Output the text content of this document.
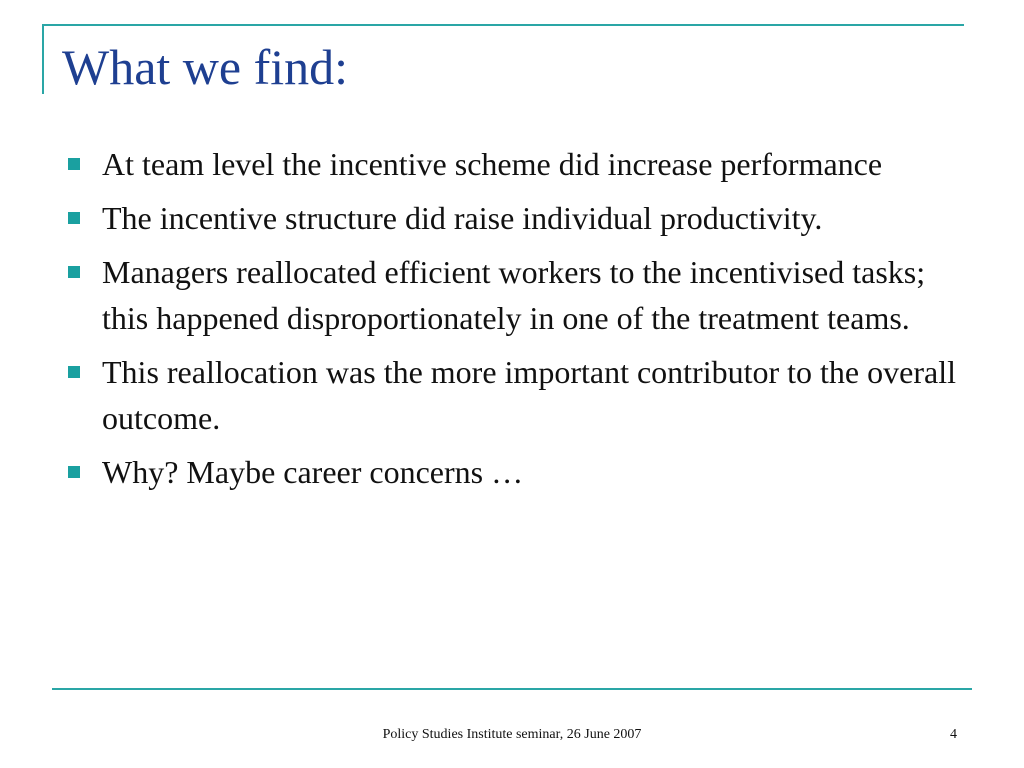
What we find:
At team level the incentive scheme did increase performance
The incentive structure did raise individual productivity.
Managers reallocated efficient workers to the incentivised tasks; this happened disproportionately in one of the treatment teams.
This reallocation was the more important contributor to the overall outcome.
Why? Maybe career concerns …
Policy Studies Institute seminar, 26 June 2007	4
